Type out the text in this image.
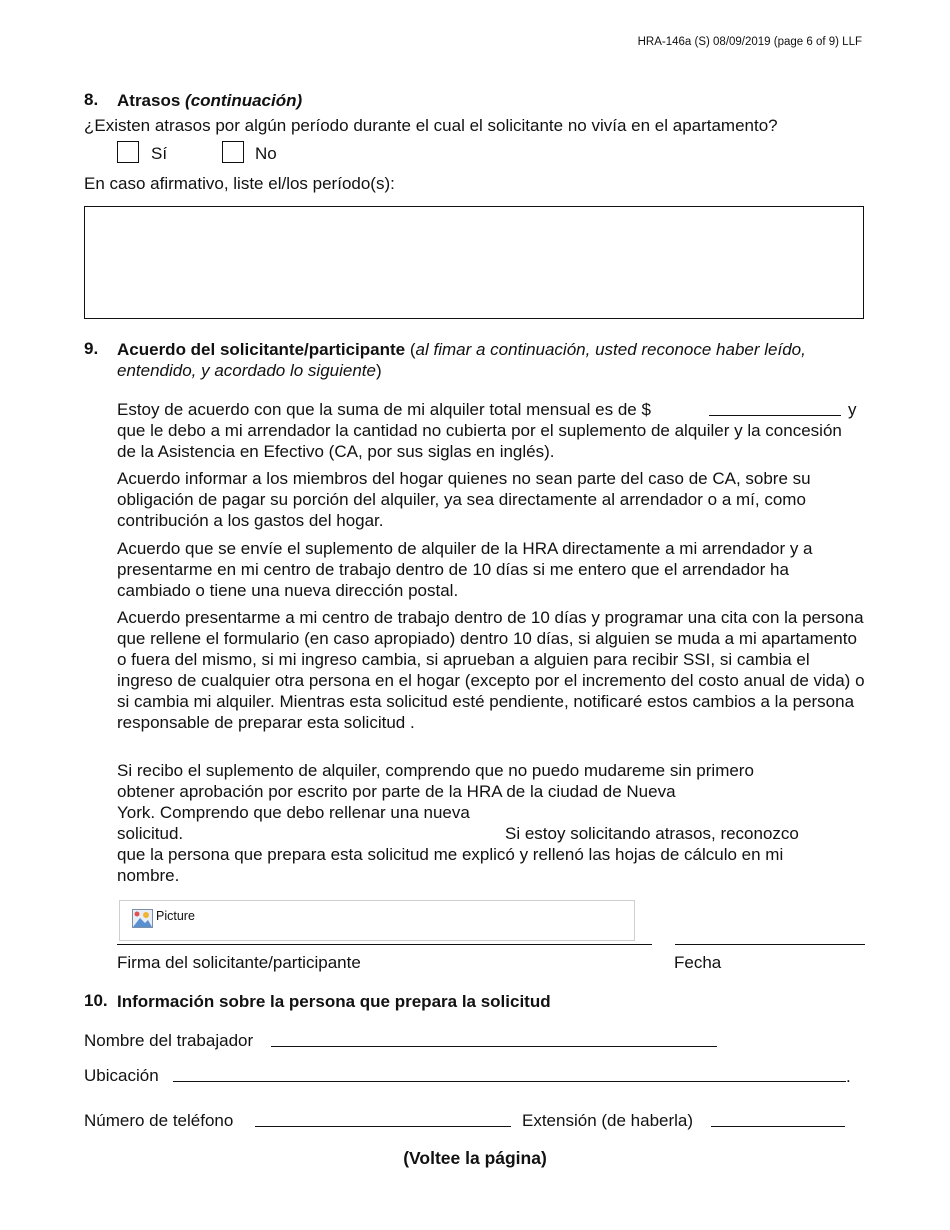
HRA-146a (S) 08/09/2019 (page 6 of 9) LLF
8. Atrasos (continuación)
¿Existen atrasos por algún período durante el cual el solicitante no vivía en el apartamento?
Sí	No
En caso afirmativo, liste el/los período(s):
9. Acuerdo del solicitante/participante (al fimar a continuación, usted reconoce haber leído, entendido, y acordado lo siguiente)
Estoy de acuerdo con que la suma de mi alquiler total mensual es de $	y
que le debo a mi arrendador la cantidad no cubierta por el suplemento de alquiler y la concesión de la Asistencia en Efectivo (CA, por sus siglas en inglés).
Acuerdo informar a los miembros del hogar quienes no sean parte del caso de CA, sobre su obligación de pagar su porción del alquiler, ya sea directamente al arrendador o a mí, como contribución a los gastos del hogar.
Acuerdo que se envíe el suplemento de alquiler de la HRA directamente a mi arrendador y a presentarme en mi centro de trabajo dentro de 10 días si me entero que el arrendador ha cambiado o tiene una nueva dirección postal.
Acuerdo presentarme a mi centro de trabajo dentro de 10 días y programar una cita con la persona que rellene el formulario (en caso apropiado) dentro 10 días, si alguien se muda a mi apartamento o fuera del mismo, si mi ingreso cambia, si aprueban a alguien para recibir SSI, si cambia el ingreso de cualquier otra persona en el hogar (excepto por el incremento del costo anual de vida) o si cambia mi alquiler. Mientras esta solicitud esté pendiente, notificaré estos cambios a la persona responsable de preparar esta solicitud .
Si recibo el suplemento de alquiler, comprendo que no puedo mudareme sin primero
obtener aprobación por escrito por parte de la HRA de la ciudad de Nueva
York. Comprendo que debo rellenar una nueva
solicitud.	Si estoy solicitando atrasos, reconozco
que la persona que prepara esta solicitud me explicó y rellenó las hojas de cálculo en mi
nombre.
Picture
Firma del solicitante/participante	Fecha
10. Información sobre la persona que prepara la solicitud
Nombre del trabajador
Ubicación	.
Número de teléfono	Extensión (de haberla)
(Voltee la página)
